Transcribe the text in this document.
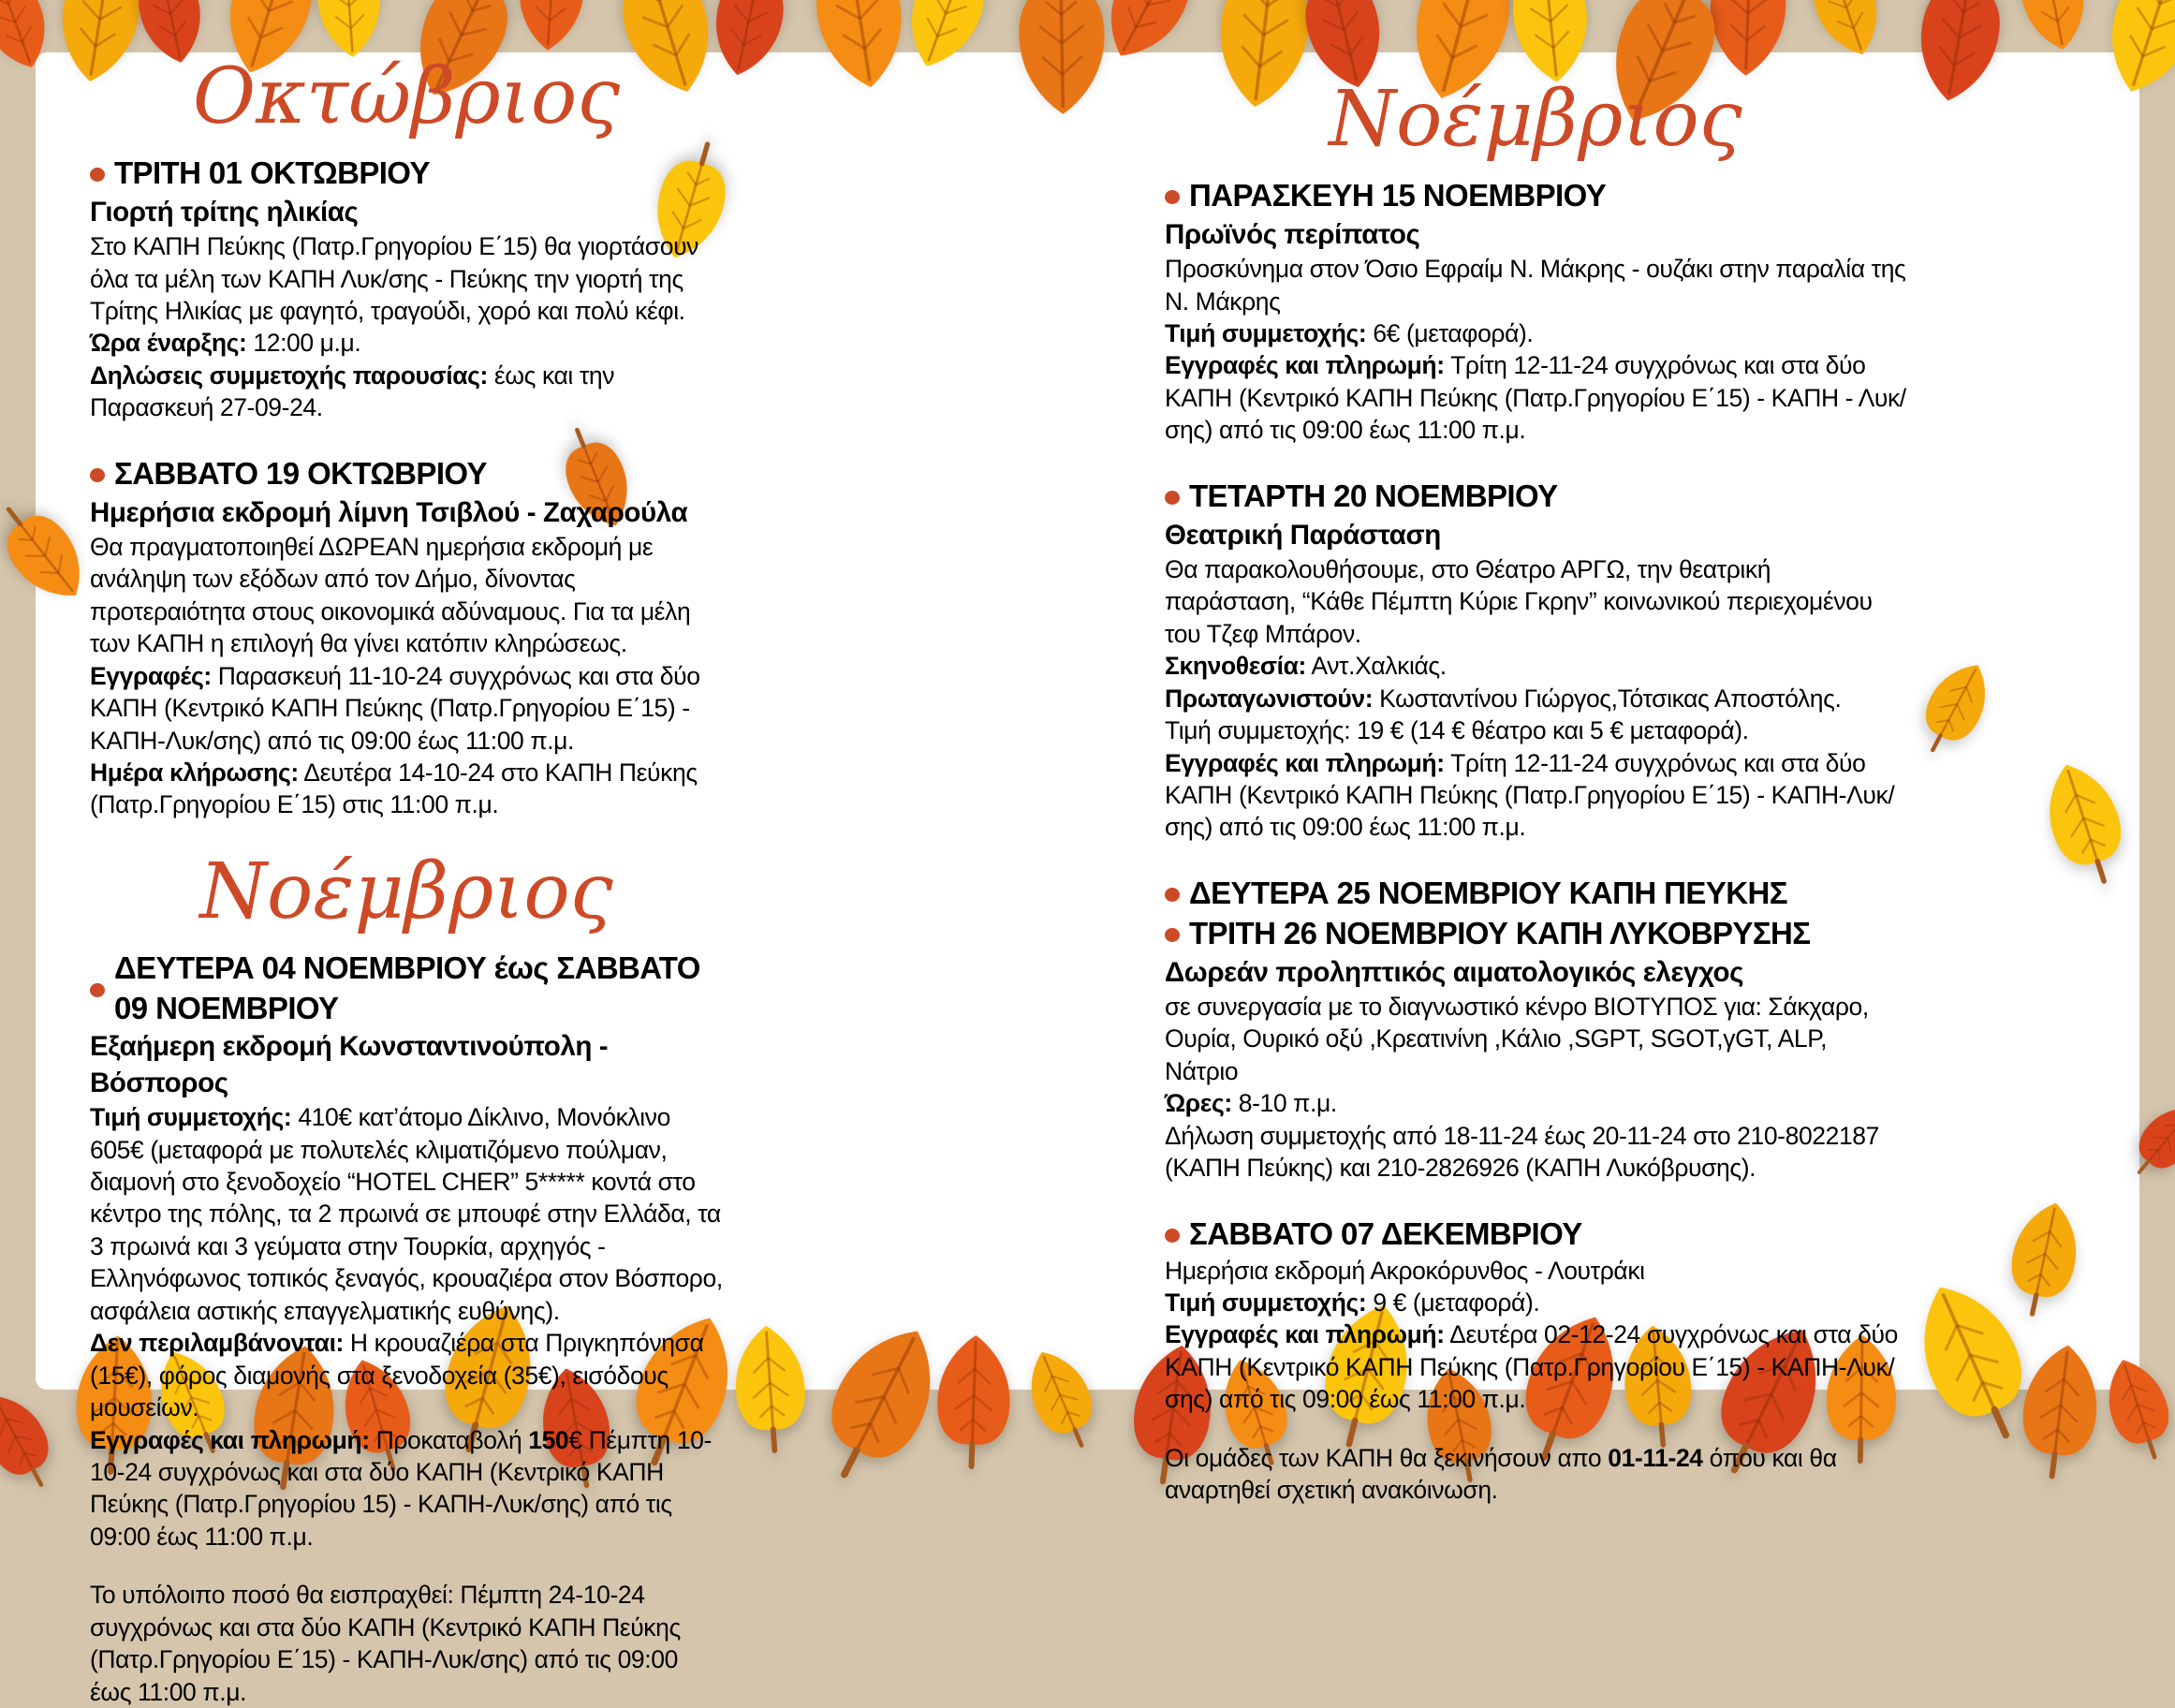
Οκτώβριος
ΤΡΙΤΗ 01 ΟΚΤΩΒΡΙΟΥ
Γιορτή τρίτης ηλικίας

Στο ΚΑΠΗ Πεύκης (Πατρ.Γρηγορίου Ε΄15) θα γιορτάσουν όλα τα μέλη των ΚΑΠΗ Λυκ/σης - Πεύκης την γιορτή της Τρίτης Ηλικίας με φαγητό, τραγούδι, χορό και πολύ κέφι.

Ώρα έναρξης: 12:00 μ.μ.

Δηλώσεις συμμετοχής παρουσίας: έως και την Παρασκευή 27-09-24.

ΣΑΒΒΑΤΟ 19 ΟΚΤΩΒΡΙΟΥ
Ημερήσια εκδρομή λίμνη Τσιβλού - Ζαχαρούλα

Θα πραγματοποιηθεί ΔΩΡΕΑΝ ημερήσια εκδρομή με ανάληψη των εξόδων από τον Δήμο, δίνοντας προτεραιότητα στους οικονομικά αδύναμους. Για τα μέλη των ΚΑΠΗ η επιλογή θα γίνει κατόπιν κληρώσεως.

Εγγραφές: Παρασκευή 11-10-24 συγχρόνως και στα δύο ΚΑΠΗ (Κεντρικό ΚΑΠΗ Πεύκης (Πατρ.Γρηγορίου Ε΄15) - ΚΑΠΗ-Λυκ/σης) από τις 09:00 έως 11:00 π.μ.

Ημέρα κλήρωσης: Δευτέρα 14-10-24 στο ΚΑΠΗ Πεύκης (Πατρ.Γρηγορίου Ε΄15) στις 11:00 π.μ.

Νοέμβριος
ΔΕΥΤΕΡΑ 04 ΝΟΕΜΒΡΙΟΥ έως ΣΑΒΒΑΤΟ 09 ΝΟΕΜΒΡΙΟΥ
Εξαήμερη εκδρομή Κωνσταντινούπολη - Βόσπορος

Τιμή συμμετοχής: 410€ κατ’άτομο Δίκλινο, Μονόκλινο 605€ (μεταφορά με πολυτελές κλιματιζόμενο πούλμαν, διαμονή στο ξενοδοχείο “HOTEL CHER” 5***** κοντά στο κέντρο της πόλης, τα 2 πρωινά σε μπουφέ στην Ελλάδα, τα 3 πρωινά και 3 γεύματα στην Τουρκία, αρχηγός - Ελληνόφωνος τοπικός ξεναγός, κρουαζιέρα στον Βόσπορο, ασφάλεια αστικής επαγγελματικής ευθύνης).

Δεν περιλαμβάνονται: Η κρουαζιέρα στα Πριγκηπόνησα (15€), φόρος διαμονής στα ξενοδοχεία (35€), εισόδους μουσείων.

Εγγραφές και πληρωμή: Προκαταβολή 150€ Πέμπτη 10-10-24 συγχρόνως και στα δύο ΚΑΠΗ (Κεντρικό ΚΑΠΗ Πεύκης (Πατρ.Γρηγορίου 15) - ΚΑΠΗ-Λυκ/σης) από τις 09:00 έως 11:00 π.μ.

Το υπόλοιπο ποσό θα εισπραχθεί: Πέμπτη 24-10-24 συγχρόνως και στα δύο ΚΑΠΗ (Κεντρικό ΚΑΠΗ Πεύκης (Πατρ.Γρηγορίου Ε΄15) - ΚΑΠΗ-Λυκ/σης) από τις 09:00 έως 11:00 π.μ.

Νοέμβριος
ΠΑΡΑΣΚΕΥΗ 15 ΝΟΕΜΒΡΙΟΥ
Πρωϊνός περίπατος

Προσκύνημα στον Όσιο Εφραίμ Ν. Μάκρης - ουζάκι στην παραλία της Ν. Μάκρης

Τιμή συμμετοχής: 6€ (μεταφορά).

Εγγραφές και πληρωμή: Τρίτη 12-11-24 συγχρόνως και στα δύο ΚΑΠΗ (Κεντρικό ΚΑΠΗ Πεύκης (Πατρ.Γρηγορίου Ε΄15) - ΚΑΠΗ - Λυκ/σης) από τις 09:00 έως 11:00 π.μ.

ΤΕΤΑΡΤΗ 20 ΝΟΕΜΒΡΙΟΥ
Θεατρική Παράσταση

Θα παρακολουθήσουμε, στο Θέατρο ΑΡΓΩ, την θεατρική παράσταση, “Κάθε Πέμπτη Κύριε Γκρην” κοινωνικού περιεχομένου του Τζεφ Μπάρον.

Σκηνοθεσία: Αντ.Χαλκιάς.

Πρωταγωνιστούν: Κωσταντίνου Γιώργος,Τότσικας Αποστόλης.

Τιμή συμμετοχής: 19 € (14 € θέατρο και 5 € μεταφορά).

Εγγραφές και πληρωμή: Τρίτη 12-11-24 συγχρόνως και στα δύο ΚΑΠΗ (Κεντρικό ΚΑΠΗ Πεύκης (Πατρ.Γρηγορίου Ε΄15) - ΚΑΠΗ-Λυκ/σης) από τις 09:00 έως 11:00 π.μ.

ΔΕΥΤΕΡΑ 25 ΝΟΕΜΒΡΙΟΥ ΚΑΠΗ ΠΕΥΚΗΣ
ΤΡΙΤΗ 26 ΝΟΕΜΒΡΙΟΥ ΚΑΠΗ ΛΥΚΟΒΡΥΣΗΣ
Δωρεάν προληπτικός αιματολογικός ελεγχος

σε συνεργασία με το διαγνωστικό κένρο ΒΙΟΤΥΠΟΣ για: Σάκχαρο, Ουρία, Ουρικό οξύ ,Κρεατινίνη ,Κάλιο ,SGPT, SGOT,γGT, ALP, Νάτριο

Ώρες: 8-10 π.μ.

Δήλωση συμμετοχής από 18-11-24 έως 20-11-24 στο 210-8022187 (ΚΑΠΗ Πεύκης) και 210-2826926 (ΚΑΠΗ Λυκόβρυσης).

ΣΑΒΒΑΤΟ 07 ΔΕΚΕΜΒΡΙΟΥ

Ημερήσια εκδρομή Ακροκόρυνθος - Λουτράκι

Τιμή συμμετοχής: 9 € (μεταφορά).

Εγγραφές και πληρωμή: Δευτέρα 02-12-24 συγχρόνως και στα δύο ΚΑΠΗ (Κεντρικό ΚΑΠΗ Πεύκης (Πατρ.Γρηγορίου Ε΄15) - ΚΑΠΗ-Λυκ/σης) από τις 09:00 έως 11:00 π.μ.

Οι ομάδες των ΚΑΠΗ θα ξεκινήσουν απο 01-11-24 όπου και θα αναρτηθεί σχετική ανακόινωση.
